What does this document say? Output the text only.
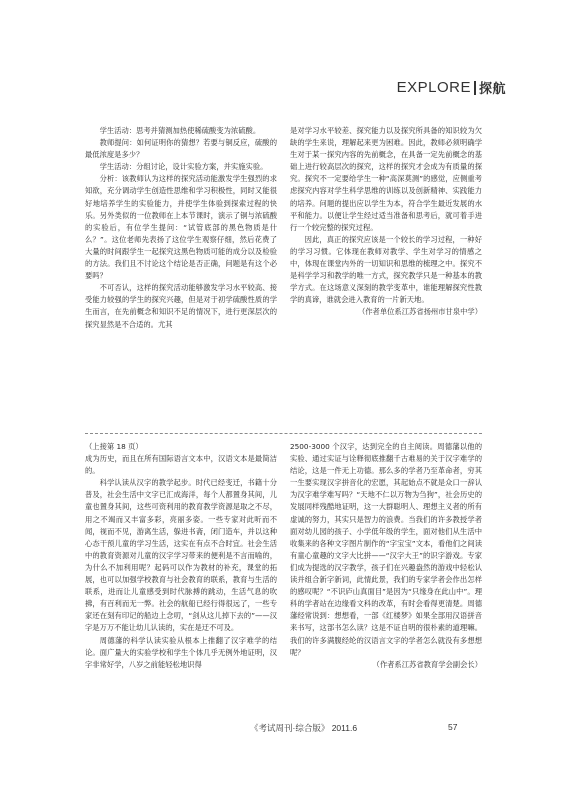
EXPLORE 探航

学生活动：思考并猜测加热使稀硫酸变为浓硫酸。

教师提问：如何证明你的猜想？若要与铜反应，硫酸的最低浓度是多少？

学生活动：分组讨论，设计实验方案，并实施实验。

分析：该教师认为这样的探究活动能激发学生强烈的求知欲，充分调动学生创造性思维和学习积极性，同时又能很好地培养学生的实验能力，并使学生体验到探索过程的快乐。另外类似的一位教师在上本节课时，演示了铜与浓硫酸的实验后，有位学生提问：“试管底部的黑色物质是什么？”。这位老师先表扬了这位学生观察仔细，然后花费了大量的时间跟学生一起探究这黑色物质可能的成分以及检验的方法。我们且不讨论这个结论是否正确，问题是有这个必要吗？

不可否认，这样的探究活动能够激发学习水平较高、接受能力较强的学生的探究兴趣，但是对于初学硫酸性质的学生而言，在先前概念和知识不足的情况下，进行更深层次的探究显然是不合适的。尤其

是对学习水平较差、探究能力以及探究所具备的知识较为欠缺的学生来说，理解起来更为困难。因此，教师必须明确学生对于某一探究内容的先前概念，在具备一定先前概念的基础上进行较高层次的探究，这样的探究才会成为有质量的探究。探究不一定要给学生一种“高深莫测”的感觉，应侧重考虑探究内容对学生科学思维的训练以及创新精神、实践能力的培养。问题的提出应以学生为本，符合学生最近发展的水平和能力。以便让学生经过适当准备和思考后，就可着手进行一个较完整的探究过程。

因此，真正的探究应该是一个较长的学习过程，一种好的学习习惯。它体现在教师对教学、学生对学习的情感之中，体现在课堂内外的一切知识和思维的梳理之中。探究不是科学学习和教学的唯一方式，探究教学只是一种基本的教学方式。在这场意义深刻的教学变革中，谁能理解探究性教学的真谛，谁就会进入教育的一片新天地。

（作者单位系江苏省扬州市甘泉中学）

（上接第 18 页）

成为历史，而且在所有国际语言文本中，汉语文本是最简洁的。

科学认读从汉字的教学起步。时代已经变迁，书籍十分普及，社会生活中文字已汇成海洋，每个人都置身其间，儿童也置身其间，这些可资利用的教育教学资源是取之不尽，用之不竭而又丰富多彩，亮丽多姿。一些专家对此听而不闻，视而不见，游离生活，躲进书斋，闭门造车，并以这种心态干预儿童的学习生活，这实在有点不合时宜。社会生活中的教育资源对儿童的汉字学习带来的便利是不言而喻的，为什么不加利用呢？起码可以作为教材的补充，课堂的拓展，也可以加强学校教育与社会教育的联系，教育与生活的联系，进而让儿童感受到时代脉搏的跳动，生活气息的吹拂，有百利而无一弊。社会的航船已经行得很远了，一些专家还在刻有印记的船边上念叨，“剑从这儿掉下去的”——汉字是万万不能让幼儿认读的，实在是迂不可及。

周德藩的科学认读实验从根本上推翻了汉字难学的结论。面广量大的实验学校和学生个体几乎无例外地证明，汉字非常好学，八岁之前能轻松地识得

2500-3000 个汉字，达到完全的自主阅读。周德藩以他的实验、通过实证与诠释彻底推翻千古难易的关于汉字难学的结论，这是一件无上功德。那么多的学者乃至革命者，穷其一生要实现汉字拼音化的宏愿，其起始点不就是众口一辞认为汉字难学难写吗？“天地不仁以万物为刍狗”，社会历史的发展同样残酷地证明，这一大群聪明人、理想主义者的所有虚诚的努力，其实只是智力的浪费。当我们的许多教授学者面对幼儿园的孩子、小学低年级的学生，面对他们从生活中收集来的各种文字图片制作的“字宝宝”文本，看他们之间读有童心童趣的文字大比拼——“汉字大王”的识字游戏。专家们成为提选的汉字教学，孩子们在兴趣盎然的游戏中轻松认读并组合新字新词，此情此景，我们的专家学者会作出怎样的感叹呢？“不识庐山真面目”是因为“只缘身在此山中”。理科的学者站在边缘看文科的改革，有时会看得更清楚。周德藩经常说到：想想看，一部《红楼梦》如果全部用汉语拼音来书写，这部书怎么读？这是不证自明的很朴素的道理嘛。我们的许多满腹经纶的汉语言文字的学者怎么就没有多想想呢？

（作者系江苏省教育学会副会长）

《考试周刊·综合版》 2011.6	57
